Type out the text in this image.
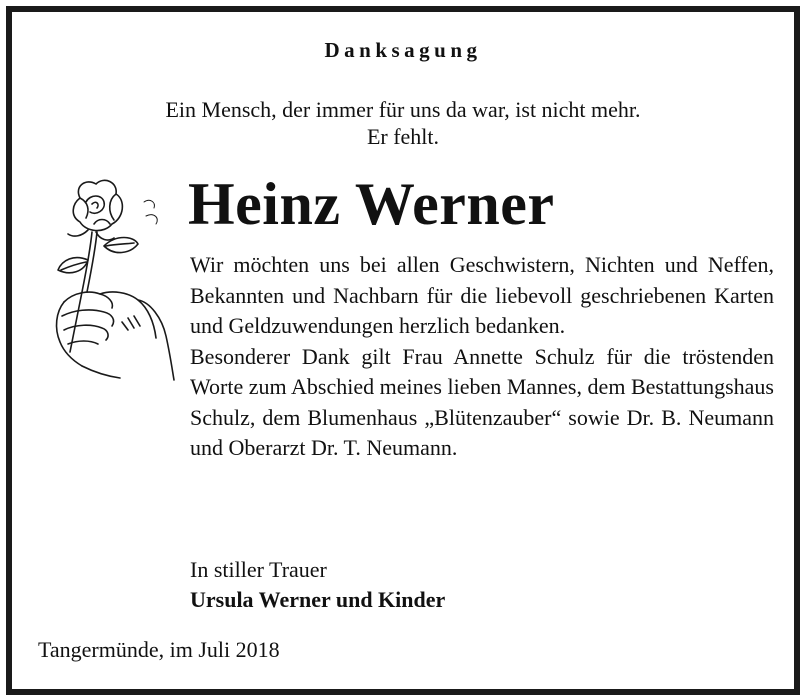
Danksagung
Ein Mensch, der immer für uns da war, ist nicht mehr.
Er fehlt.
Heinz Werner

Wir möchten uns bei allen Geschwistern, Nichten und Neffen, Bekannten und Nachbarn für die liebevoll geschriebenen Karten und Geldzuwendungen herzlich bedanken.

Besonderer Dank gilt Frau Annette Schulz für die tröstenden Worte zum Abschied meines lieben Mannes, dem Bestattungshaus Schulz, dem Blumenhaus „Blütenzauber“ sowie Dr. B. Neumann und Oberarzt Dr. T. Neumann.

In stiller Trauer
Ursula Werner und Kinder
Tangermünde, im Juli 2018
